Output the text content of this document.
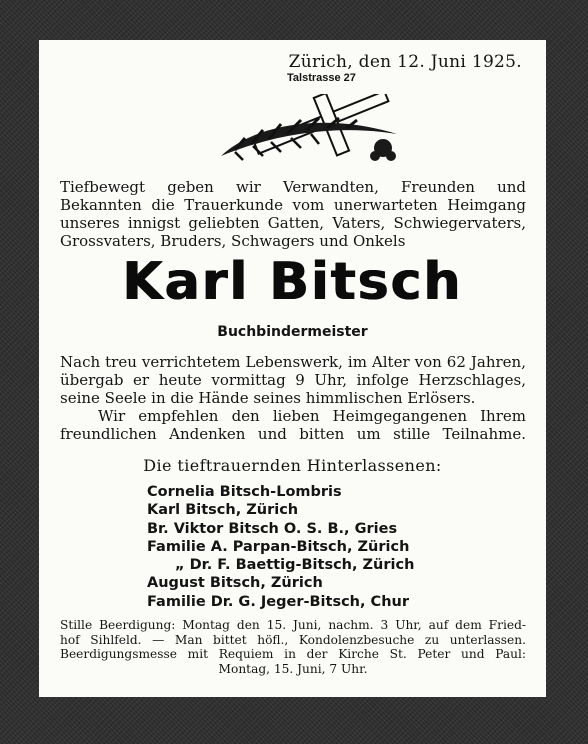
Zürich, den 12. Juni 1925.
Talstrasse 27
Tiefbewegt geben wir Verwandten, Freunden und
Bekannten die Trauerkunde vom unerwarteten Heimgang
unseres innigst geliebten Gatten, Vaters, Schwiegervaters,
Grossvaters, Bruders, Schwagers und Onkels
Karl Bitsch
Buchbindermeister
Nach treu verrichtetem Lebenswerk, im Alter von 62 Jahren,
übergab er heute vormittag 9 Uhr, infolge Herzschlages,
seine Seele in die Hände seines himmlischen Erlösers.
Wir empfehlen den lieben Heimgegangenen Ihrem
freundlichen Andenken und bitten um stille Teilnahme.
Die tieftrauernden Hinterlassenen:
Cornelia Bitsch-Lombris
Karl Bitsch, Zürich
Br. Viktor Bitsch O. S. B., Gries
Familie A. Parpan-Bitsch, Zürich
„ Dr. F. Baettig-Bitsch, Zürich
August Bitsch, Zürich
Familie Dr. G. Jeger-Bitsch, Chur
Stille Beerdigung: Montag den 15. Juni, nachm. 3 Uhr, auf dem Fried-
hof Sihlfeld. — Man bittet höfl., Kondolenzbesuche zu unterlassen.
Beerdigungsmesse mit Requiem in der Kirche St. Peter und Paul:
Montag, 15. Juni, 7 Uhr.
